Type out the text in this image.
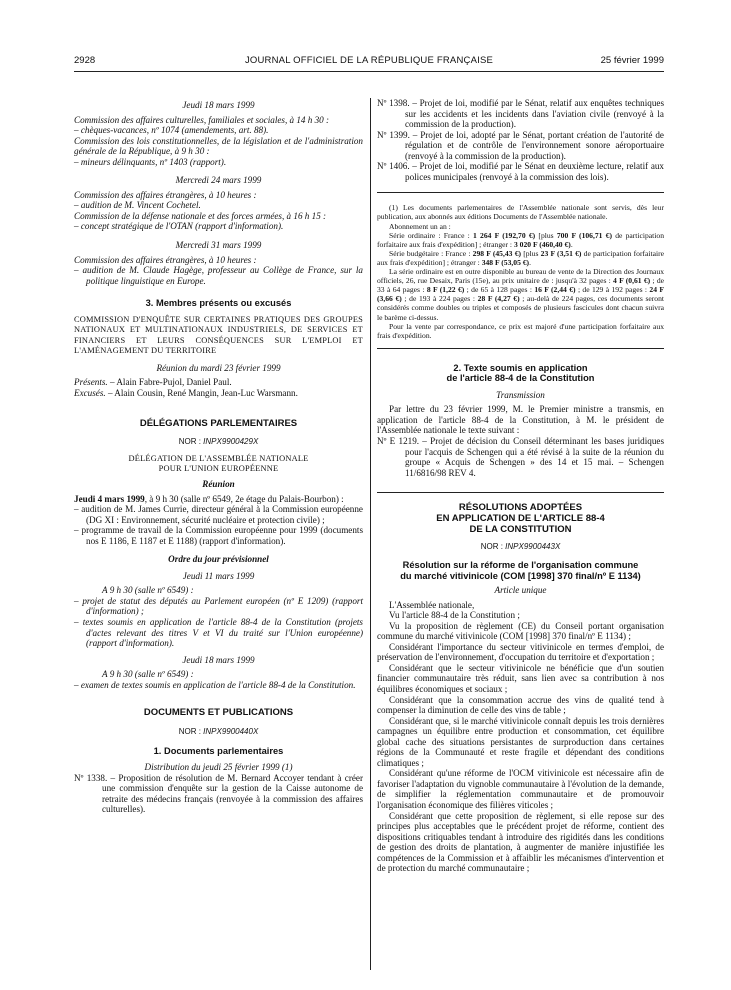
2928	JOURNAL OFFICIEL DE LA RÉPUBLIQUE FRANÇAISE	25 février 1999

Jeudi 18 mars 1999

Commission des affaires culturelles, familiales et sociales, à 14 h 30 :

– chèques-vacances, nº 1074 (amendements, art. 88).

Commission des lois constitutionnelles, de la législation et de l'administration générale de la République, à 9 h 30 :

– mineurs délinquants, nº 1403 (rapport).

Mercredi 24 mars 1999

Commission des affaires étrangères, à 10 heures :

– audition de M. Vincent Cochetel.

Commission de la défense nationale et des forces armées, à 16 h 15 :

– concept stratégique de l'OTAN (rapport d'information).

Mercredi 31 mars 1999

Commission des affaires étrangères, à 10 heures :

– audition de M. Claude Hagège, professeur au Collège de France, sur la politique linguistique en Europe.

3. Membres présents ou excusés

COMMISSION D'ENQUÊTE SUR CERTAINES PRATIQUES DES GROUPES NATIONAUX ET MULTINATIONAUX INDUSTRIELS, DE SERVICES ET FINANCIERS ET LEURS CONSÉQUENCES SUR L'EMPLOI ET L'AMÉNAGEMENT DU TERRITOIRE

Réunion du mardi 23 février 1999

Présents. – Alain Fabre-Pujol, Daniel Paul.

Excusés. – Alain Cousin, René Mangin, Jean-Luc Warsmann.

DÉLÉGATIONS PARLEMENTAIRES

NOR : INPX9900429X

DÉLÉGATION DE L'ASSEMBLÉE NATIONALE

POUR L'UNION EUROPÉENNE

Réunion

Jeudi 4 mars 1999, à 9 h 30 (salle nº 6549, 2e étage du Palais-Bourbon) :

– audition de M. James Currie, directeur général à la Commission européenne (DG XI : Environnement, sécurité nucléaire et protection civile) ;

– programme de travail de la Commission européenne pour 1999 (documents nos E 1186, E 1187 et E 1188) (rapport d'information).

Ordre du jour prévisionnel

Jeudi 11 mars 1999

A 9 h 30 (salle nº 6549) :

– projet de statut des députés au Parlement européen (nº E 1209) (rapport d'information) ;

– textes soumis en application de l'article 88-4 de la Constitution (projets d'actes relevant des titres V et VI du traité sur l'Union européenne) (rapport d'information).

Jeudi 18 mars 1999

A 9 h 30 (salle nº 6549) :

– examen de textes soumis en application de l'article 88-4 de la Constitution.

DOCUMENTS ET PUBLICATIONS

NOR : INPX9900440X

1. Documents parlementaires

Distribution du jeudi 25 février 1999 (1)

Nº 1338. – Proposition de résolution de M. Bernard Accoyer tendant à créer une commission d'enquête sur la gestion de la Caisse autonome de retraite des médecins français (renvoyée à la commission des affaires culturelles).

Nº 1398. – Projet de loi, modifié par le Sénat, relatif aux enquêtes techniques sur les accidents et les incidents dans l'aviation civile (renvoyé à la commission de la production).

Nº 1399. – Projet de loi, adopté par le Sénat, portant création de l'autorité de régulation et de contrôle de l'environnement sonore aéroportuaire (renvoyé à la commission de la production).

Nº 1406. – Projet de loi, modifié par le Sénat en deuxième lecture, relatif aux polices municipales (renvoyé à la commission des lois).

(1) Les documents parlementaires de l'Assemblée nationale sont servis, dès leur publication, aux abonnés aux éditions Documents de l'Assemblée nationale.

Abonnement un an :

Série ordinaire : France : 1 264 F (192,70 €) [plus 700 F (106,71 €) de participation forfaitaire aux frais d'expédition] ; étranger : 3 020 F (460,40 €).

Série budgétaire : France : 298 F (45,43 €) [plus 23 F (3,51 €) de participation forfaitaire aux frais d'expédition] ; étranger : 348 F (53,05 €).

La série ordinaire est en outre disponible au bureau de vente de la Direction des Journaux officiels, 26, rue Desaix, Paris (15e), au prix unitaire de : jusqu'à 32 pages : 4 F (0,61 €) ; de 33 à 64 pages : 8 F (1,22 €) ; de 65 à 128 pages : 16 F (2,44 €) ; de 129 à 192 pages : 24 F (3,66 €) ; de 193 à 224 pages : 28 F (4,27 €) ; au-delà de 224 pages, ces documents seront considérés comme doubles ou triples et composés de plusieurs fascicules dont chacun suivra le barème ci-dessus.

Pour la vente par correspondance, ce prix est majoré d'une participation forfaitaire aux frais d'expédition.

2. Texte soumis en application

de l'article 88-4 de la Constitution

Transmission

Par lettre du 23 février 1999, M. le Premier ministre a transmis, en application de l'article 88-4 de la Constitution, à M. le président de l'Assemblée nationale le texte suivant :

Nº E 1219. – Projet de décision du Conseil déterminant les bases juridiques pour l'acquis de Schengen qui a été révisé à la suite de la réunion du groupe « Acquis de Schengen » des 14 et 15 mai. – Schengen 11/6816/98 REV 4.

RÉSOLUTIONS ADOPTÉES

EN APPLICATION DE L'ARTICLE 88-4

DE LA CONSTITUTION

NOR : INPX9900443X

Résolution sur la réforme de l'organisation commune

du marché vitivinicole (COM [1998] 370 final/nº E 1134)

Article unique

L'Assemblée nationale,

Vu l'article 88-4 de la Constitution ;

Vu la proposition de règlement (CE) du Conseil portant organisation commune du marché vitivinicole (COM [1998] 370 final/nº E 1134) ;

Considérant l'importance du secteur vitivinicole en termes d'emploi, de préservation de l'environnement, d'occupation du territoire et d'exportation ;

Considérant que le secteur vitivinicole ne bénéficie que d'un soutien financier communautaire très réduit, sans lien avec sa contribution à nos équilibres économiques et sociaux ;

Considérant que la consommation accrue des vins de qualité tend à compenser la diminution de celle des vins de table ;

Considérant que, si le marché vitivinicole connaît depuis les trois dernières campagnes un équilibre entre production et consommation, cet équilibre global cache des situations persistantes de surproduction dans certaines régions de la Communauté et reste fragile et dépendant des conditions climatiques ;

Considérant qu'une réforme de l'OCM vitivinicole est nécessaire afin de favoriser l'adaptation du vignoble communautaire à l'évolution de la demande, de simplifier la réglementation communautaire et de promouvoir l'organisation économique des filières viticoles ;

Considérant que cette proposition de règlement, si elle repose sur des principes plus acceptables que le précédent projet de réforme, contient des dispositions critiquables tendant à introduire des rigidités dans les conditions de gestion des droits de plantation, à augmenter de manière injustifiée les compétences de la Commission et à affaiblir les mécanismes d'intervention et de protection du marché communautaire ;
